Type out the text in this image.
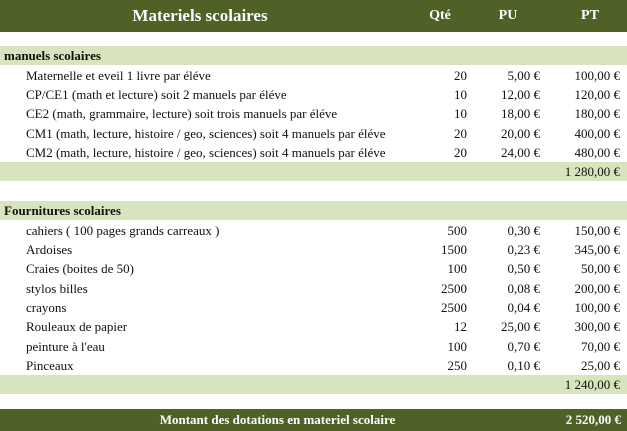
Materiels scolaires	Qté	PU	PT
manuels scolaires
Maternelle et eveil 1 livre par éléve	20	5,00 €	100,00 €
CP/CE1 (math et lecture) soit 2 manuels par éléve	10	12,00 €	120,00 €
CE2 (math, grammaire, lecture) soit trois manuels par éléve	10	18,00 €	180,00 €
CM1 (math, lecture, histoire / geo, sciences) soit 4 manuels par éléve	20	20,00 €	400,00 €
CM2 (math, lecture, histoire / geo, sciences) soit 4 manuels par éléve	20	24,00 €	480,00 €
1 280,00 €
Fournitures scolaires
cahiers ( 100 pages grands carreaux )	500	0,30 €	150,00 €
Ardoises	1500	0,23 €	345,00 €
Craies (boites de 50)	100	0,50 €	50,00 €
stylos billes	2500	0,08 €	200,00 €
crayons	2500	0,04 €	100,00 €
Rouleaux de papier	12	25,00 €	300,00 €
peinture à l'eau	100	0,70 €	70,00 €
Pinceaux	250	0,10 €	25,00 €
1 240,00 €
Montant des dotations en materiel scolaire	2 520,00 €
